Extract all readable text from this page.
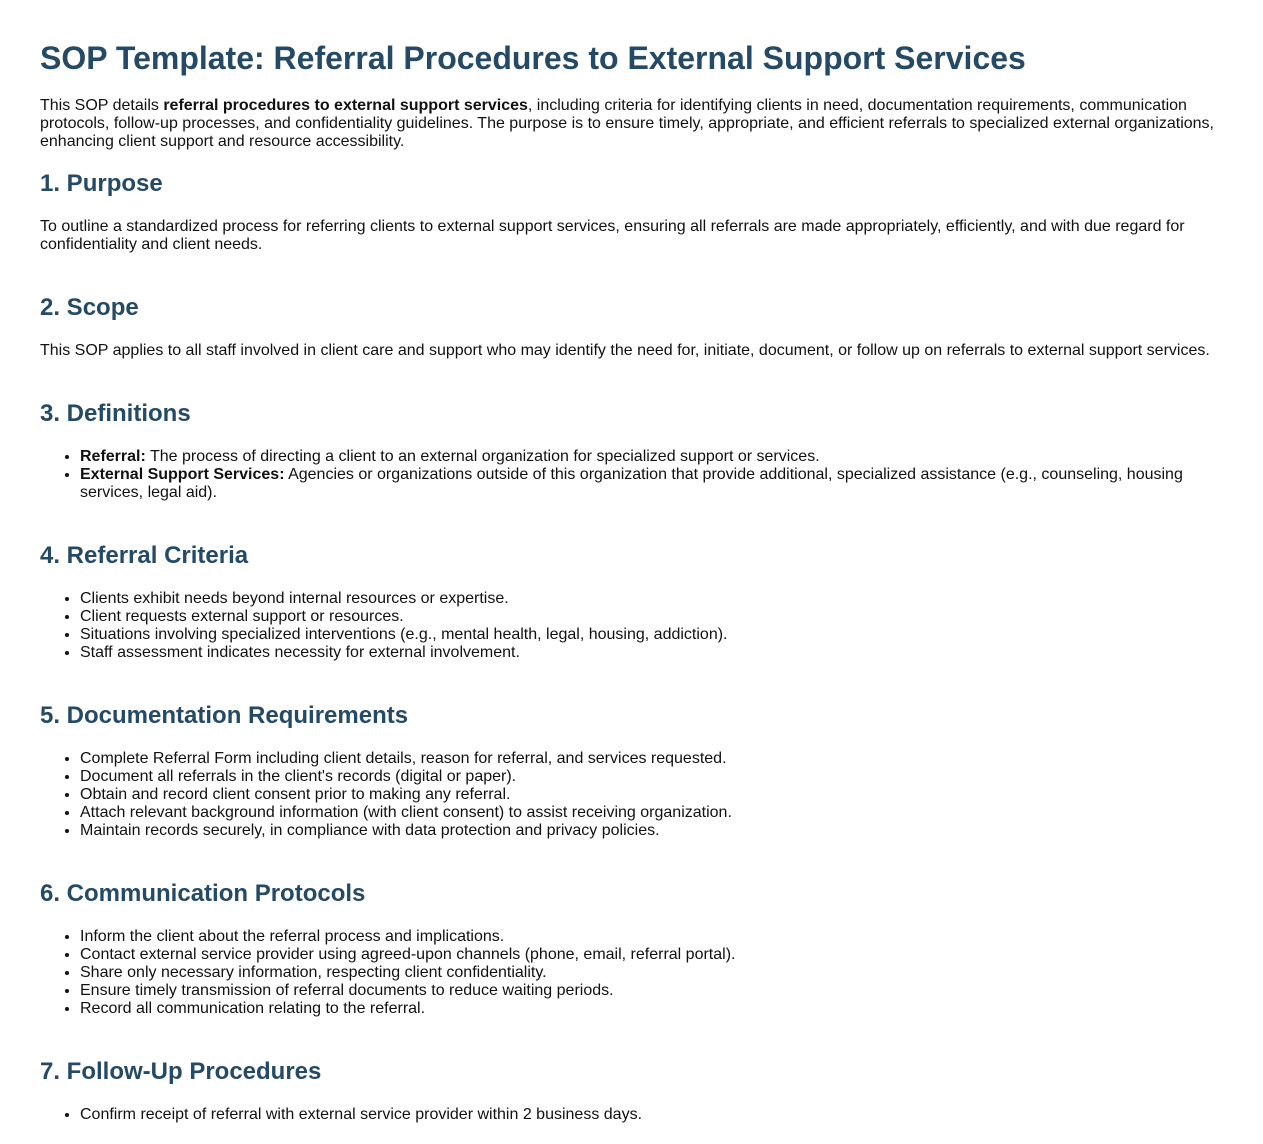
SOP Template: Referral Procedures to External Support Services

This SOP details referral procedures to external support services, including criteria for identifying clients in need, documentation requirements, communication protocols, follow-up processes, and confidentiality guidelines. The purpose is to ensure timely, appropriate, and efficient referrals to specialized external organizations, enhancing client support and resource accessibility.

1. Purpose

To outline a standardized process for referring clients to external support services, ensuring all referrals are made appropriately, efficiently, and with due regard for confidentiality and client needs.

2. Scope

This SOP applies to all staff involved in client care and support who may identify the need for, initiate, document, or follow up on referrals to external support services.

3. Definitions
• Referral: The process of directing a client to an external organization for specialized support or services.
• External Support Services: Agencies or organizations outside of this organization that provide additional, specialized assistance (e.g., counseling, housing services, legal aid).
4. Referral Criteria
• Clients exhibit needs beyond internal resources or expertise.
• Client requests external support or resources.
• Situations involving specialized interventions (e.g., mental health, legal, housing, addiction).
• Staff assessment indicates necessity for external involvement.
5. Documentation Requirements
• Complete Referral Form including client details, reason for referral, and services requested.
• Document all referrals in the client's records (digital or paper).
• Obtain and record client consent prior to making any referral.
• Attach relevant background information (with client consent) to assist receiving organization.
• Maintain records securely, in compliance with data protection and privacy policies.
6. Communication Protocols
• Inform the client about the referral process and implications.
• Contact external service provider using agreed-upon channels (phone, email, referral portal).
• Share only necessary information, respecting client confidentiality.
• Ensure timely transmission of referral documents to reduce waiting periods.
• Record all communication relating to the referral.
7. Follow-Up Procedures
• Confirm receipt of referral with external service provider within 2 business days.
